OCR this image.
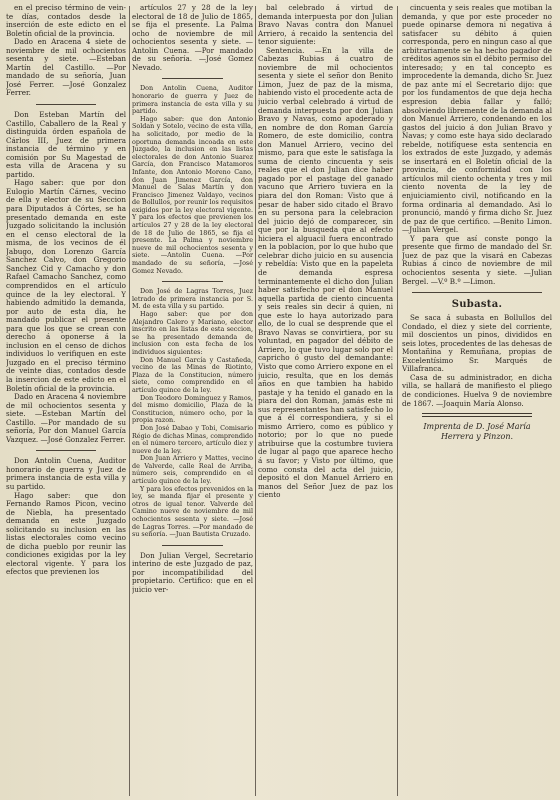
en el preciso término de vein-te días, contados desde la inserción de este edicto en el Boletín oficial de la provincia.

Dado en Aracena 4 siete de noviembre de mil ochocientos sesenta y siete. —Esteban Martín del Castillo. —Por mandado de su señoría, Juan José Ferrer. —José Gonzalez Ferrer.

Don Esteban Martín del Castillo, Caballero de la Real y distinguida órden española de Cárlos III, Juez de primera instancia de término y en comisión por Su Magestad de esta villa de Aracena y su partido.

Hago saber: que por don Eulogio Martín Cárnes, vecino de ella y elector de su Seccion para Diputados á Córtes, se ha presentado demanda en este Juzgado solicitando la inclusión en el censo electoral de la misma, de los vecinos de él Jabugo, don Lorenzo García Sanchez Calvo, don Gregorio Sanchez Cid y Camacho y don Rafael Camacho Sanchez, como comprendidos en el artículo quince de la ley electoral. Y habiendo admitido la demanda, por auto de esta dia, he mandado publicar el presente para que los que se crean con derecho á oponerse á la inclusion en el censo de dichos individuos lo verifiquen en este Juzgado en el preciso término de veinte dias, contados desde la insercion de este edicto en el Boletín oficial de la provincia.

Dado en Aracena 4 noviembre de mil ochocientos sesenta y siete. —Esteban Martín del Castillo. —Por mandado de su señoría, Por don Manuel García Vazquez. —José Gonzalez Ferrer.

Don Antolin Cuena, Auditor honorario de guerra y Juez de primera instancia de esta villa y su partido.

Hago saber: que don Fernando Ramos Picon, vecino de Niebla, ha presentado demanda en este Juzgado solicitando su inclusion en las listas electorales como vecino de dicha pueblo por reunir las condiciones exigidas por la ley electoral vigente. Y para los efectos que previenen los

artículos 27 y 28 de la ley electoral de 18 de Julio de 1865, se fija el presente. La Palma ocho de noviembre de mil ochocientos sesenta y siete. —Antolin Cuena. —Por mandado de su señoría. —José Gomez Nevado.

Don Antolin Cuena, Auditor honorario de guerra y Juez de primera instancia de esta villa y su partido.

Hago saber: que don Antonio Soldan y Sotelo, vecino de esta villa, ha solicitado, por medio de la oportuna demanda incoada en este Juzgado, la inclusion en las listas electorales de don Antonio Suarez García, don Francisco Matamoros Infante, don Antonio Moreno Cano, don Juan Jimenez García, don Manuel de Salas Martín y don Francisco Jimenez Valdayo, vecinos de Bollullos, por reunir los requisitos exigidos por la ley electoral vigente. Y para los efectos que previenen los artículos 27 y 28 de la ley electoral de 18 de Julio de 1865, se fija el presente. La Palma y noviembre nueve de mil ochocientos sesenta y siete. —Antolin Cuena. —Por mandado de su señoría, —José Gomez Nevado.

Don José de Lagras Torres, Juez letrado de primera instancia por S. M. de esta villa y su partido.

Hago saber: que por don Alejandro Calero y Mariano, elector inscrito en las listas de esta seccion, se ha presentado demanda de inclusion con esta fecha de los individuos siguientes:

Don Manuel García y Castañeda, vecino de las Minas de Riotinto, Plaza de la Constitucion, número siete, como comprendido en el artículo quince de la ley.

Don Teodoro Dominguez y Ramos, del mismo domicilio, Plaza de la Constitucion, número ocho, por la propia razon.

Don José Dabao y Tobi, Comisario Régio de dichas Minas, comprendido en el número tercero, artículo diez y nueve de la ley.

Don Juan Arriero y Mattes, vecino de Valverde, calle Real de Arriba, número seis, comprendido en el artículo quince de la ley.

Y para los efectos prevenidos en la ley, se manda fijar el presente y otros de igual tenor. Valverde del Camino nueve de noviembre de mil ochocientos sesenta y siete. —José de Lagras Torres. —Por mandado de su señoría. —Juan Bautista Cruzado.

Don Julian Vergel, Secretario interino de este Juzgado de paz, por incompatibilidad del propietario. Certifico: que en el juicio ver-

bal celebrado á virtud de demanda interpuesta por don Julian Bravo Navas contra don Manuel Arriero, á recaido la sentencia del tenor siguiente:

Sentencia. —En la villa de Cabezas Rubias á cuatro de noviembre de mil ochocientos sesenta y siete el señor don Benito Limon, Juez de paz de la misma, habiendo visto el procedente acta de juicio verbal celebrado á virtud de demanda interpuesta por don Julian Bravo y Navas, como apoderado y en nombre de don Roman García Romero, de este domicilio, contra don Manuel Arriero, vecino del mismo, para que este le satisfaga la suma de ciento cincuenta y seis reales que el don Julian dice haber pagado por el pastage del ganado vacuno que Arriero tuviera en la piara del don Roman: Visto que á pesar de haber sido citado el Bravo en su persona para la celebracion del juicio dejó de comparecer, sin que por la busqueda que al efecto hiciera el alguacil fuera encontrado en la poblacion, por lo que hubo que celebrar dicho juicio en su ausencia y rebeldía: Visto que en la papeleta de demanda espresa terminantemente el dicho don Julian haber satisfecho por el don Manuel aquella partida de ciento cincuenta y seis reales sin decir á quien, ni que este lo haya autorizado para ello, de lo cual se desprende que el Bravo Navas se convirtiera, por su voluntad, en pagador del débito de Arriero, lo que tuvo lugar solo por el capricho ó gusto del demandante: Visto que como Arriero expone en el juicio, resulta, que en los demás años en que tambien ha habido pastaje y ha tenido el ganado en la piara del don Roman, jamás este ni sus representantes han satisfecho lo que á él correspondiera, y si el mismo Arriero, como es público y notorio; por lo que no puede atribuirse que la costumbre tuviera de lugar al pago que aparece hecho á su favor; y Visto por último, que como consta del acta del juicio, depositó el don Manuel Arriero en manos del Señor Juez de paz los ciento

cincuenta y seis reales que motiban la demanda, y que por este proceder no puede opinarse demora ni negativa á satisfacer su débito á quien corresponda, pero en ningun caso al que arbitrariamente se ha hecho pagador de créditos agenos sin el débito permiso del interesado; y en tal concepto es improcedente la demanda, dicho Sr. Juez de paz ante mí el Secretario dijo: que por los fundamentos de que deja hecha espresion debia fallar y falló; absolviendo libremente de la demanda al don Manuel Arriero, condenando en los gastos del juicio á don Julian Bravo y Navas; y como este haya sido declarado rebelde, notifíquese esta sentencia en los extrados de este Juzgado, y además se insertará en el Boletín oficial de la provincia, de conformidad con los artículos mil ciento ochenta y tres y mil ciento noventa de la ley de enjuiciamiento civil, notificando en la forma ordinaria al demandado. Asi lo pronunció, mandó y firma dicho Sr. Juez de paz de que certifico. —Benito Limon. —Julian Vergel.

Y para que así conste pongo la presente que firmo de mandado del Sr. Juez de paz que la visará en Cabezas Rubias á cinco de noviembre de mil ochocientos sesenta y siete. —Julian Bergel. —V.º B.º —Limon.

Subasta.

Se saca á subasta en Bollullos del Condado, el diez y siete del corriente, mil doscientos un pinos, divididos en seis lotes, procedentes de las dehesas de Montañina y Remuñana, propias de Excelentísimo Sr. Marqués de Villafranca.

Casa de su administrador, en dicha villa, se hallará de manifiesto el pliego de condiciones. Huelva 9 de noviembre de 1867. —Joaquin María Alonso.

Imprenta de D. José María
Herrera y Pinzon.
